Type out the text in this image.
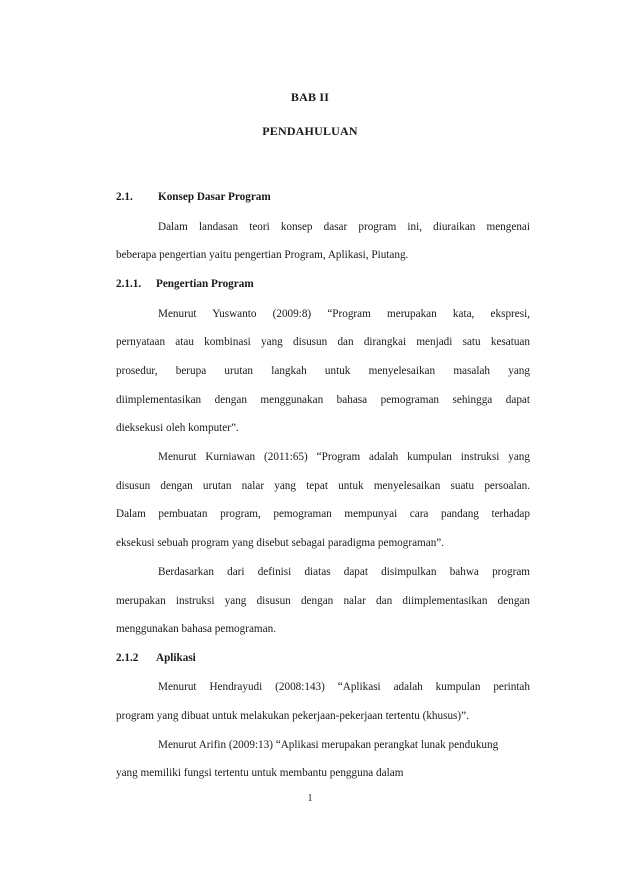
BAB II
PENDAHULUAN
2.1. Konsep Dasar Program
Dalam landasan teori konsep dasar program ini, diuraikan mengenai
beberapa pengertian yaitu pengertian Program, Aplikasi, Piutang.
2.1.1. Pengertian Program
Menurut Yuswanto (2009:8) “Program merupakan kata, ekspresi,
pernyataan atau kombinasi yang disusun dan dirangkai menjadi satu kesatuan
prosedur, berupa urutan langkah untuk menyelesaikan masalah yang
diimplementasikan dengan menggunakan bahasa pemograman sehingga dapat
dieksekusi oleh komputer”.
Menurut Kurniawan (2011:65) “Program adalah kumpulan instruksi yang
disusun dengan urutan nalar yang tepat untuk menyelesaikan suatu persoalan.
Dalam pembuatan program, pemograman mempunyai cara pandang terhadap
eksekusi sebuah program yang disebut sebagai paradigma pemograman”.
Berdasarkan dari definisi diatas dapat disimpulkan bahwa program
merupakan instruksi yang disusun dengan nalar dan diimplementasikan dengan
menggunakan bahasa pemograman.
2.1.2 Aplikasi
Menurut Hendrayudi (2008:143) “Aplikasi adalah kumpulan perintah
program yang dibuat untuk melakukan pekerjaan-pekerjaan tertentu (khusus)”.
Menurut Arifin (2009:13) “Aplikasi merupakan perangkat lunak pendukung
yang memiliki fungsi tertentu untuk membantu pengguna dalam
1
